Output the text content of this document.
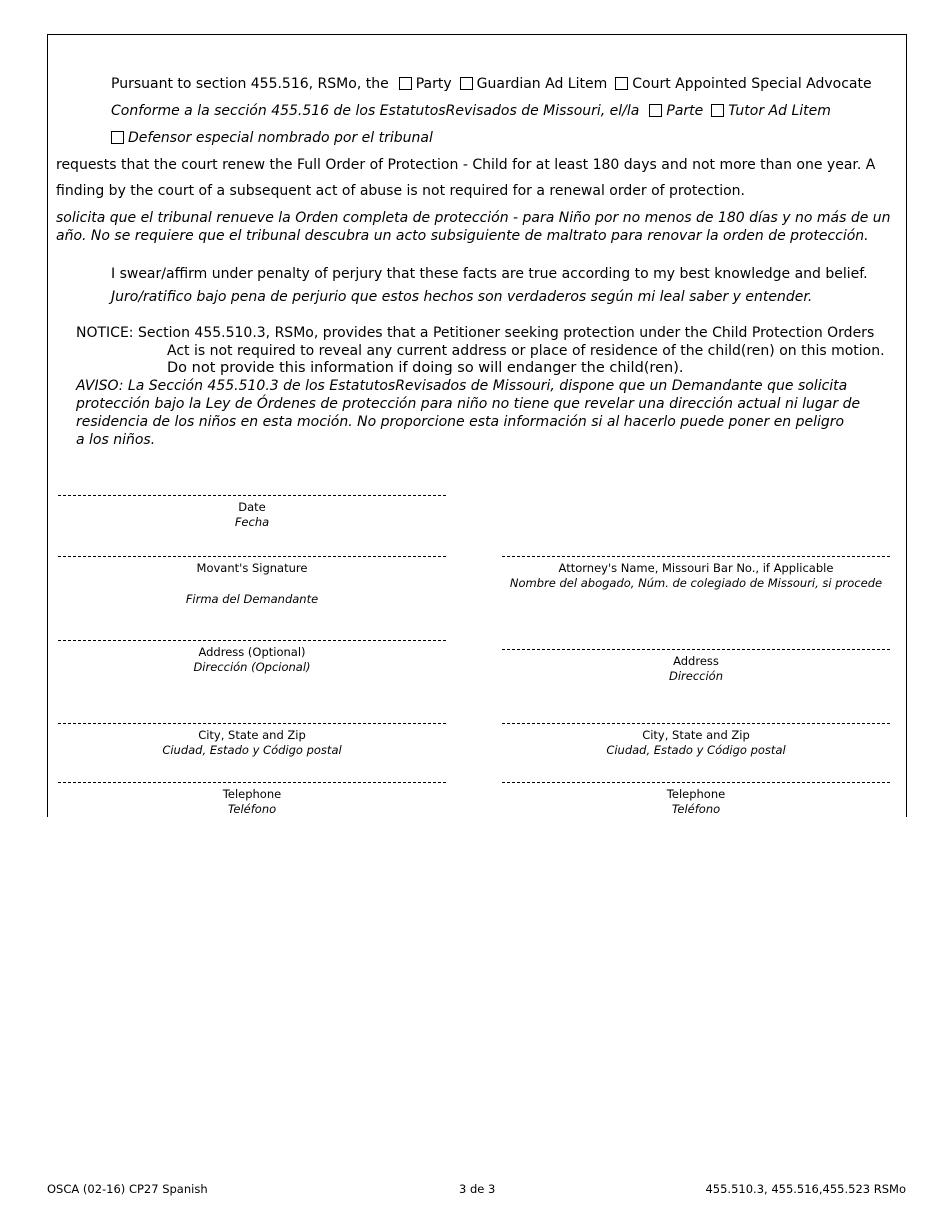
Pursuant to section 455.516, RSMo, the Party Guardian Ad Litem Court Appointed Special Advocate
Conforme a la sección 455.516 de los EstatutosRevisados de Missouri, el/la Parte Tutor Ad Litem
Defensor especial nombrado por el tribunal
requests that the court renew the Full Order of Protection - Child for at least 180 days and not more than one year. A
finding by the court of a subsequent act of abuse is not required for a renewal order of protection.
solicita que el tribunal renueve la Orden completa de protección - para Niño por no menos de 180 días y no más de un
año. No se requiere que el tribunal descubra un acto subsiguiente de maltrato para renovar la orden de protección.
I swear/affirm under penalty of perjury that these facts are true according to my best knowledge and belief.
Juro/ratifico bajo pena de perjurio que estos hechos son verdaderos según mi leal saber y entender.
NOTICE: Section 455.510.3, RSMo, provides that a Petitioner seeking protection under the Child Protection Orders
Act is not required to reveal any current address or place of residence of the child(ren) on this motion.
Do not provide this information if doing so will endanger the child(ren).
AVISO: La Sección 455.510.3 de los EstatutosRevisados de Missouri, dispone que un Demandante que solicita
protección bajo la Ley de Órdenes de protección para niño no tiene que revelar una dirección actual ni lugar de
residencia de los niños en esta moción. No proporcione esta información si al hacerlo puede poner en peligro
a los niños.
Date
Fecha
Movant's Signature
Firma del Demandante
Address (Optional)
Dirección (Opcional)
City, State and Zip
Ciudad, Estado y Código postal
Telephone
Teléfono
Attorney's Name, Missouri Bar No., if Applicable
Nombre del abogado, Núm. de colegiado de Missouri, si procede
Address
Dirección
City, State and Zip
Ciudad, Estado y Código postal
Telephone
Teléfono
OSCA (02-16) CP27 Spanish	3 de 3	455.510.3, 455.516,455.523 RSMo
